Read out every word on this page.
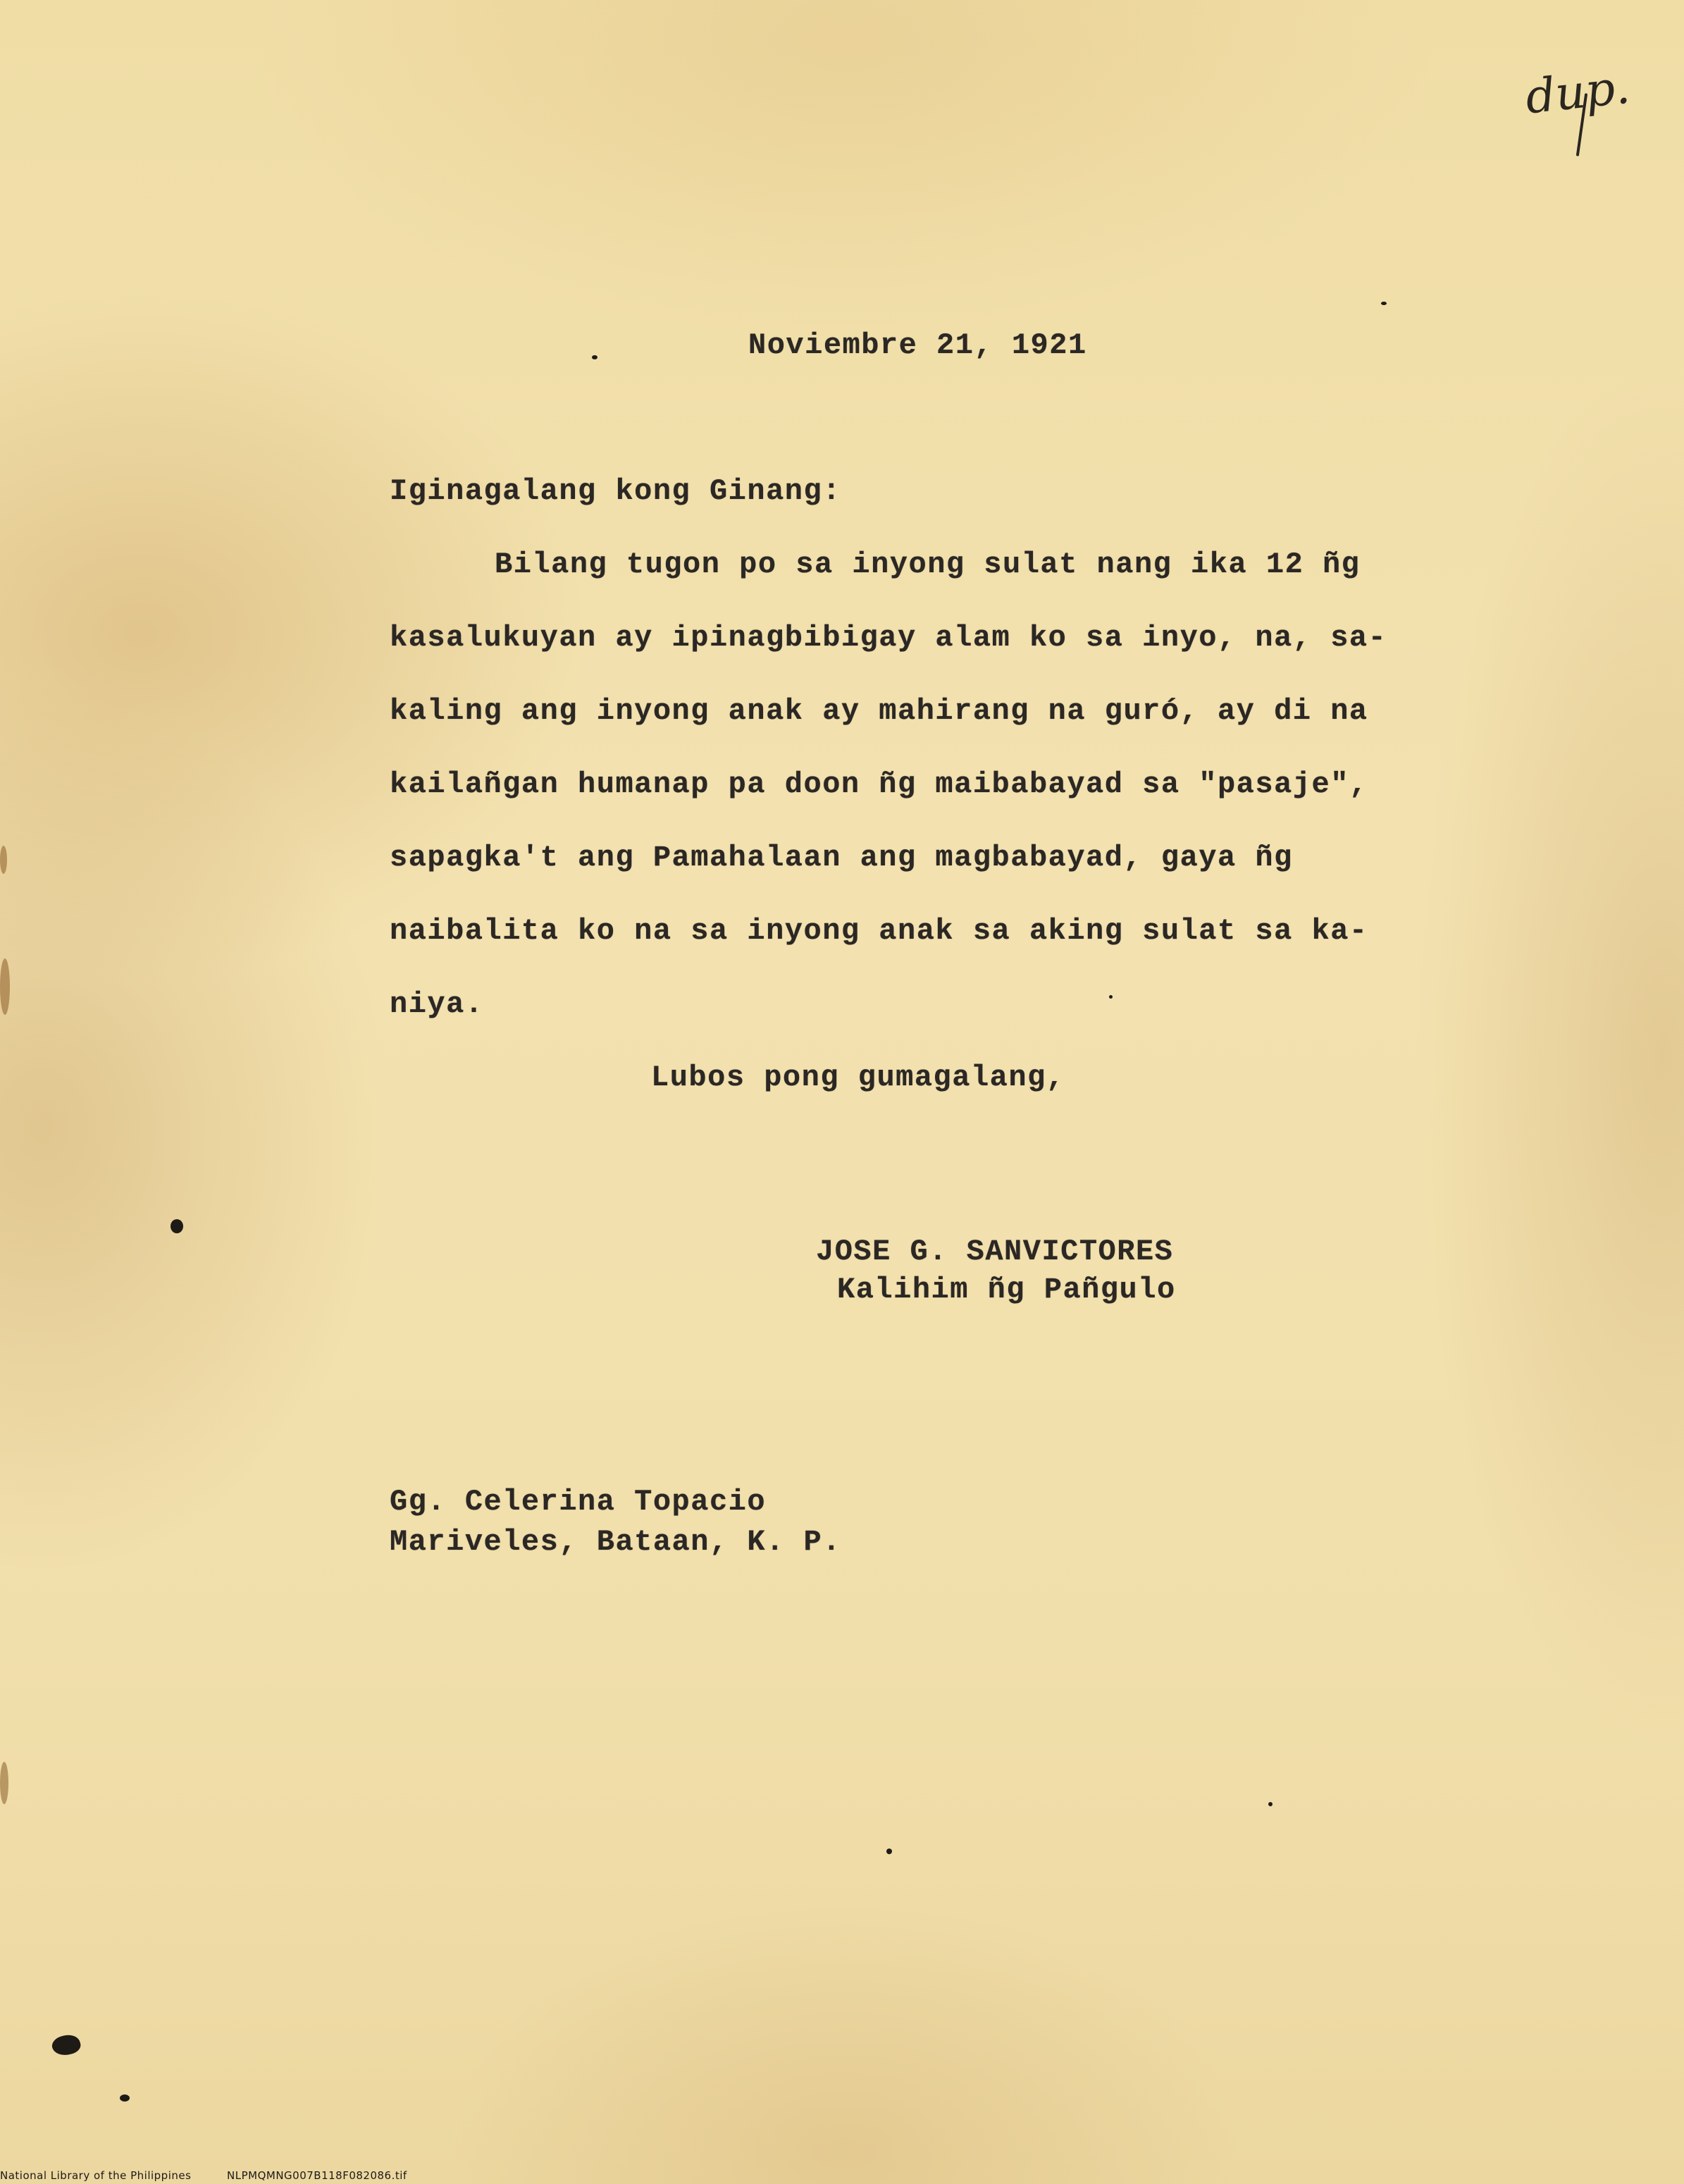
dup.
Noviembre 21, 1921
Iginagalang kong Ginang:
Bilang tugon po sa inyong sulat nang ika 12 ñg
kasalukuyan ay ipinagbibigay alam ko sa inyo, na, sa-
kaling ang inyong anak ay mahirang na guró, ay di na
kailañgan humanap pa doon ñg maibabayad sa "pasaje",
sapagka't ang Pamahalaan ang magbabayad, gaya ñg
naibalita ko na sa inyong anak sa aking sulat sa ka-
niya.
Lubos pong gumagalang,
JOSE G. SANVICTORES
Kalihim ñg Pañgulo
Gg. Celerina Topacio
Mariveles, Bataan, K. P.
National Library of the Philippines	NLPMQMNG007B118F082086.tif
